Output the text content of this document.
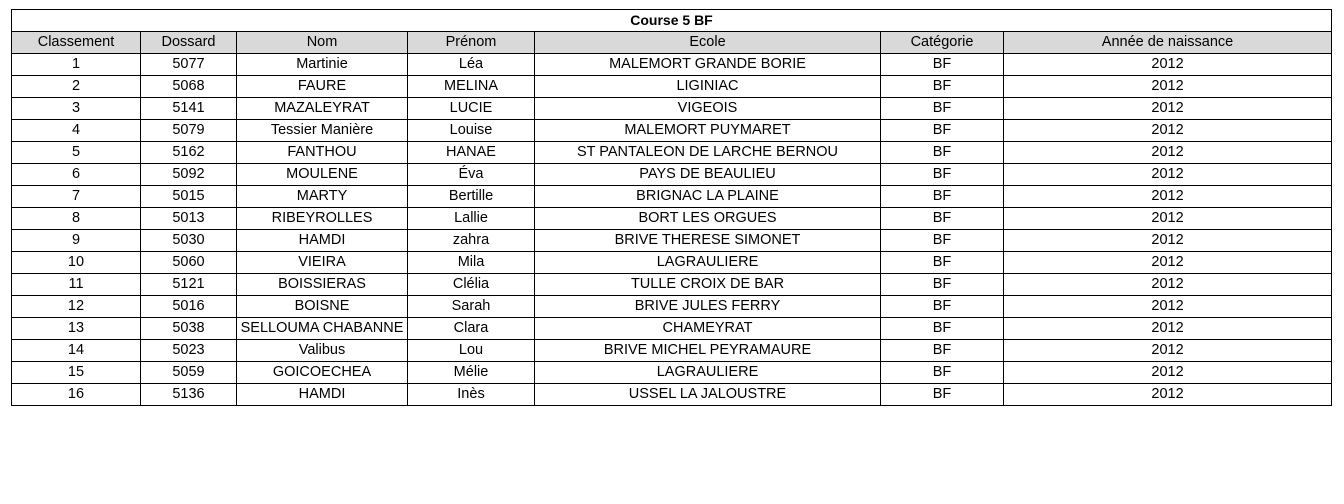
Course 5 BF						
Classement	Dossard	Nom	Prénom	Ecole	Catégorie	Année de naissance
1	5077	Martinie	Léa	MALEMORT GRANDE BORIE	BF	2012
2	5068	FAURE	MELINA	LIGINIAC	BF	2012
3	5141	MAZALEYRAT	LUCIE	VIGEOIS	BF	2012
4	5079	Tessier Manière	Louise	MALEMORT PUYMARET	BF	2012
5	5162	FANTHOU	HANAE	ST PANTALEON DE LARCHE BERNOU	BF	2012
6	5092	MOULENE	Éva	PAYS DE BEAULIEU	BF	2012
7	5015	MARTY	Bertille	BRIGNAC LA PLAINE	BF	2012
8	5013	RIBEYROLLES	Lallie	BORT LES ORGUES	BF	2012
9	5030	HAMDI	zahra	BRIVE THERESE SIMONET	BF	2012
10	5060	VIEIRA	Mila	LAGRAULIERE	BF	2012
11	5121	BOISSIERAS	Clélia	TULLE CROIX DE BAR	BF	2012
12	5016	BOISNE	Sarah	BRIVE JULES FERRY	BF	2012
13	5038	SELLOUMA CHABANNE	Clara	CHAMEYRAT	BF	2012
14	5023	Valibus	Lou	BRIVE MICHEL PEYRAMAURE	BF	2012
15	5059	GOICOECHEA	Mélie	LAGRAULIERE	BF	2012
16	5136	HAMDI	Inès	USSEL LA JALOUSTRE	BF	2012
